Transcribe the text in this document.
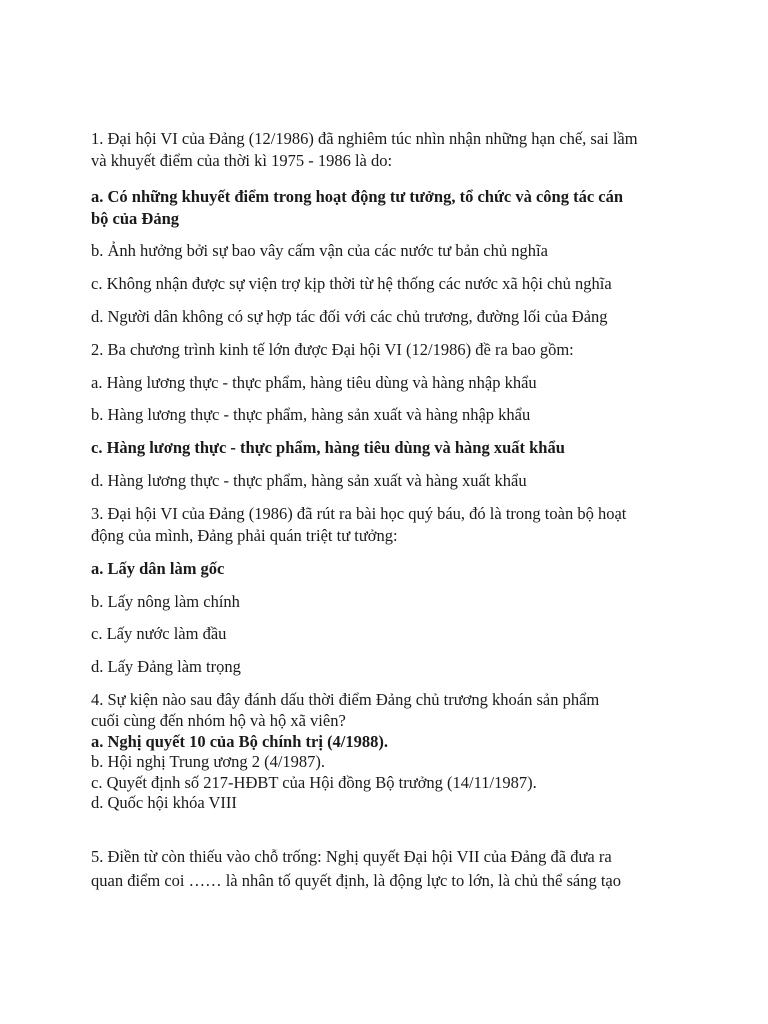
1. Đại hội VI của Đảng (12/1986) đã nghiêm túc nhìn nhận những hạn chế, sai lầm
và khuyết điểm của thời kì 1975 - 1986 là do:
a. Có những khuyết điểm trong hoạt động tư tưởng, tổ chức và công tác cán
bộ của Đảng
b. Ảnh hưởng bởi sự bao vây cấm vận của các nước tư bản chủ nghĩa
c. Không nhận được sự viện trợ kịp thời từ hệ thống các nước xã hội chủ nghĩa
d. Người dân không có sự hợp tác đối với các chủ trương, đường lối của Đảng
2. Ba chương trình kinh tế lớn được Đại hội VI (12/1986) đề ra bao gồm:
a. Hàng lương thực - thực phẩm, hàng tiêu dùng và hàng nhập khẩu
b. Hàng lương thực - thực phẩm, hàng sản xuất và hàng nhập khẩu
c. Hàng lương thực - thực phẩm, hàng tiêu dùng và hàng xuất khẩu
d. Hàng lương thực - thực phẩm, hàng sản xuất và hàng xuất khẩu
3. Đại hội VI của Đảng (1986) đã rút ra bài học quý báu, đó là trong toàn bộ hoạt
động của mình, Đảng phải quán triệt tư tưởng:
a. Lấy dân làm gốc
b. Lấy nông làm chính
c. Lấy nước làm đầu
d. Lấy Đảng làm trọng
4. Sự kiện nào sau đây đánh dấu thời điểm Đảng chủ trương khoán sản phẩm
cuối cùng đến nhóm hộ và hộ xã viên?
a. Nghị quyết 10 của Bộ chính trị (4/1988).
b. Hội nghị Trung ương 2 (4/1987).
c. Quyết định số 217-HĐBT của Hội đồng Bộ trưởng (14/11/1987).
d. Quốc hội khóa VIII
5. Điền từ còn thiếu vào chỗ trống: Nghị quyết Đại hội VII của Đảng đã đưa ra
quan điểm coi …… là nhân tố quyết định, là động lực to lớn, là chủ thể sáng tạo
